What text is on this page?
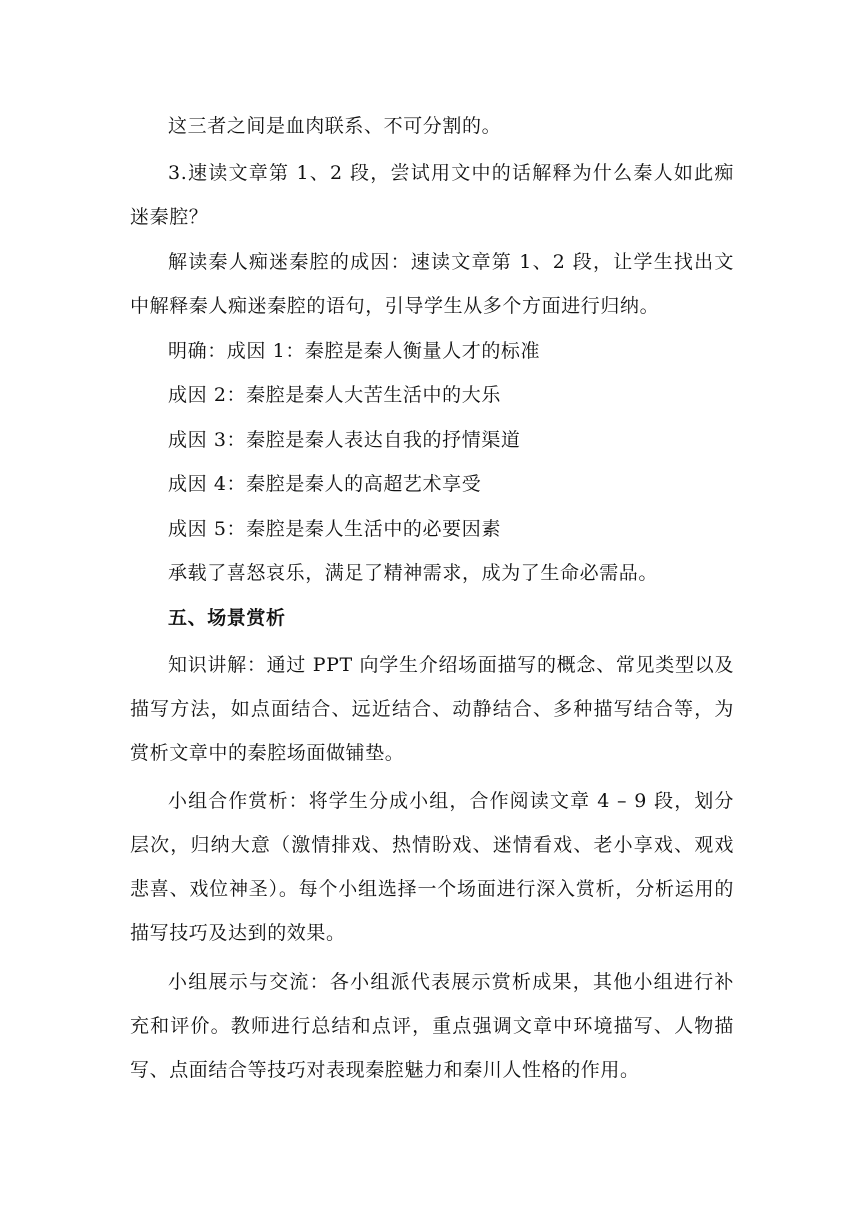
这三者之间是血肉联系、不可分割的。

3.速读文章第 1、2 段，尝试用文中的话解释为什么秦人如此痴迷秦腔？

解读秦人痴迷秦腔的成因：速读文章第 1、2 段，让学生找出文中解释秦人痴迷秦腔的语句，引导学生从多个方面进行归纳。

明确：成因 1：秦腔是秦人衡量人才的标准

成因 2：秦腔是秦人大苦生活中的大乐

成因 3：秦腔是秦人表达自我的抒情渠道

成因 4：秦腔是秦人的高超艺术享受

成因 5：秦腔是秦人生活中的必要因素

承载了喜怒哀乐，满足了精神需求，成为了生命必需品。

五、场景赏析

知识讲解：通过 PPT 向学生介绍场面描写的概念、常见类型以及描写方法，如点面结合、远近结合、动静结合、多种描写结合等，为赏析文章中的秦腔场面做铺垫。

小组合作赏析：将学生分成小组，合作阅读文章 4 – 9 段，划分层次，归纳大意（激情排戏、热情盼戏、迷情看戏、老小享戏、观戏悲喜、戏位神圣）。每个小组选择一个场面进行深入赏析，分析运用的描写技巧及达到的效果。

小组展示与交流：各小组派代表展示赏析成果，其他小组进行补充和评价。教师进行总结和点评，重点强调文章中环境描写、人物描写、点面结合等技巧对表现秦腔魅力和秦川人性格的作用。
